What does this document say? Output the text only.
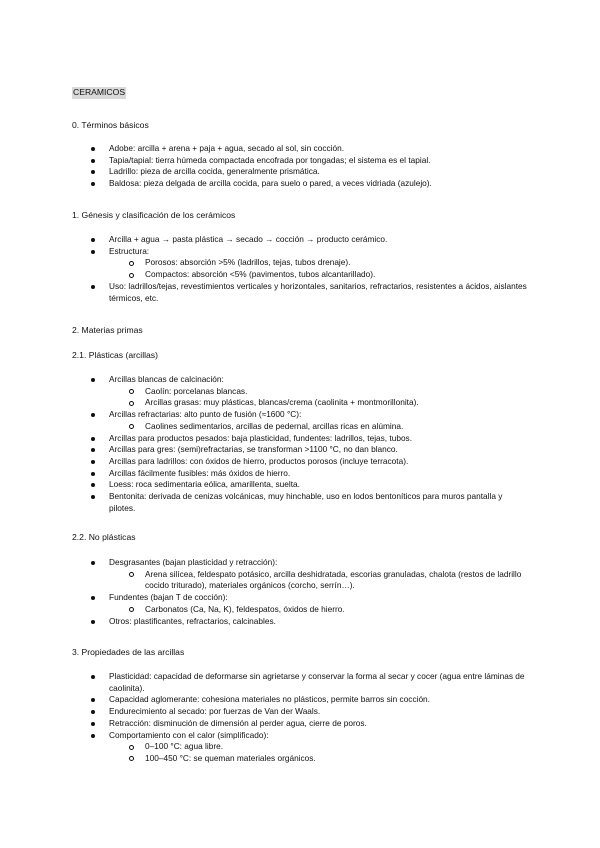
CERAMICOS
0. Términos básicos
Adobe: arcilla + arena + paja + agua, secado al sol, sin cocción.
Tapia/tapial: tierra húmeda compactada encofrada por tongadas; el sistema es el tapial.
Ladrillo: pieza de arcilla cocida, generalmente prismática.
Baldosa: pieza delgada de arcilla cocida, para suelo o pared, a veces vidriada (azulejo).
1. Génesis y clasificación de los cerámicos
Arcilla + agua → pasta plástica → secado → cocción → producto cerámico.
Estructura:
Porosos: absorción >5% (ladrillos, tejas, tubos drenaje).
Compactos: absorción <5% (pavimentos, tubos alcantarillado).
Uso: ladrillos/tejas, revestimientos verticales y horizontales, sanitarios, refractarios, resistentes a ácidos, aislantes térmicos, etc.
2. Materias primas
2.1. Plásticas (arcillas)
Arcillas blancas de calcinación:
Caolín: porcelanas blancas.
Arcillas grasas: muy plásticas, blancas/crema (caolinita + montmorillonita).
Arcillas refractarias: alto punto de fusión (≈1600 °C):
Caolines sedimentarios, arcillas de pedernal, arcillas ricas en alúmina.
Arcillas para productos pesados: baja plasticidad, fundentes: ladrillos, tejas, tubos.
Arcillas para gres: (semi)refractarias, se transforman >1100 °C, no dan blanco.
Arcillas para ladrillos: con óxidos de hierro, productos porosos (incluye terracota).
Arcillas fácilmente fusibles: más óxidos de hierro.
Loess: roca sedimentaria eólica, amarillenta, suelta.
Bentonita: derivada de cenizas volcánicas, muy hinchable, uso en lodos bentoníticos para muros pantalla y pilotes.
2.2. No plásticas
Desgrasantes (bajan plasticidad y retracción):
Arena silícea, feldespato potásico, arcilla deshidratada, escorias granuladas, chalota (restos de ladrillo cocido triturado), materiales orgánicos (corcho, serrín…).
Fundentes (bajan T de cocción):
Carbonatos (Ca, Na, K), feldespatos, óxidos de hierro.
Otros: plastificantes, refractarios, calcinables.
3. Propiedades de las arcillas
Plasticidad: capacidad de deformarse sin agrietarse y conservar la forma al secar y cocer (agua entre láminas de caolinita).
Capacidad aglomerante: cohesiona materiales no plásticos, permite barros sin cocción.
Endurecimiento al secado: por fuerzas de Van der Waals.
Retracción: disminución de dimensión al perder agua, cierre de poros.
Comportamiento con el calor (simplificado):
0–100 °C: agua libre.
100–450 °C: se queman materiales orgánicos.
